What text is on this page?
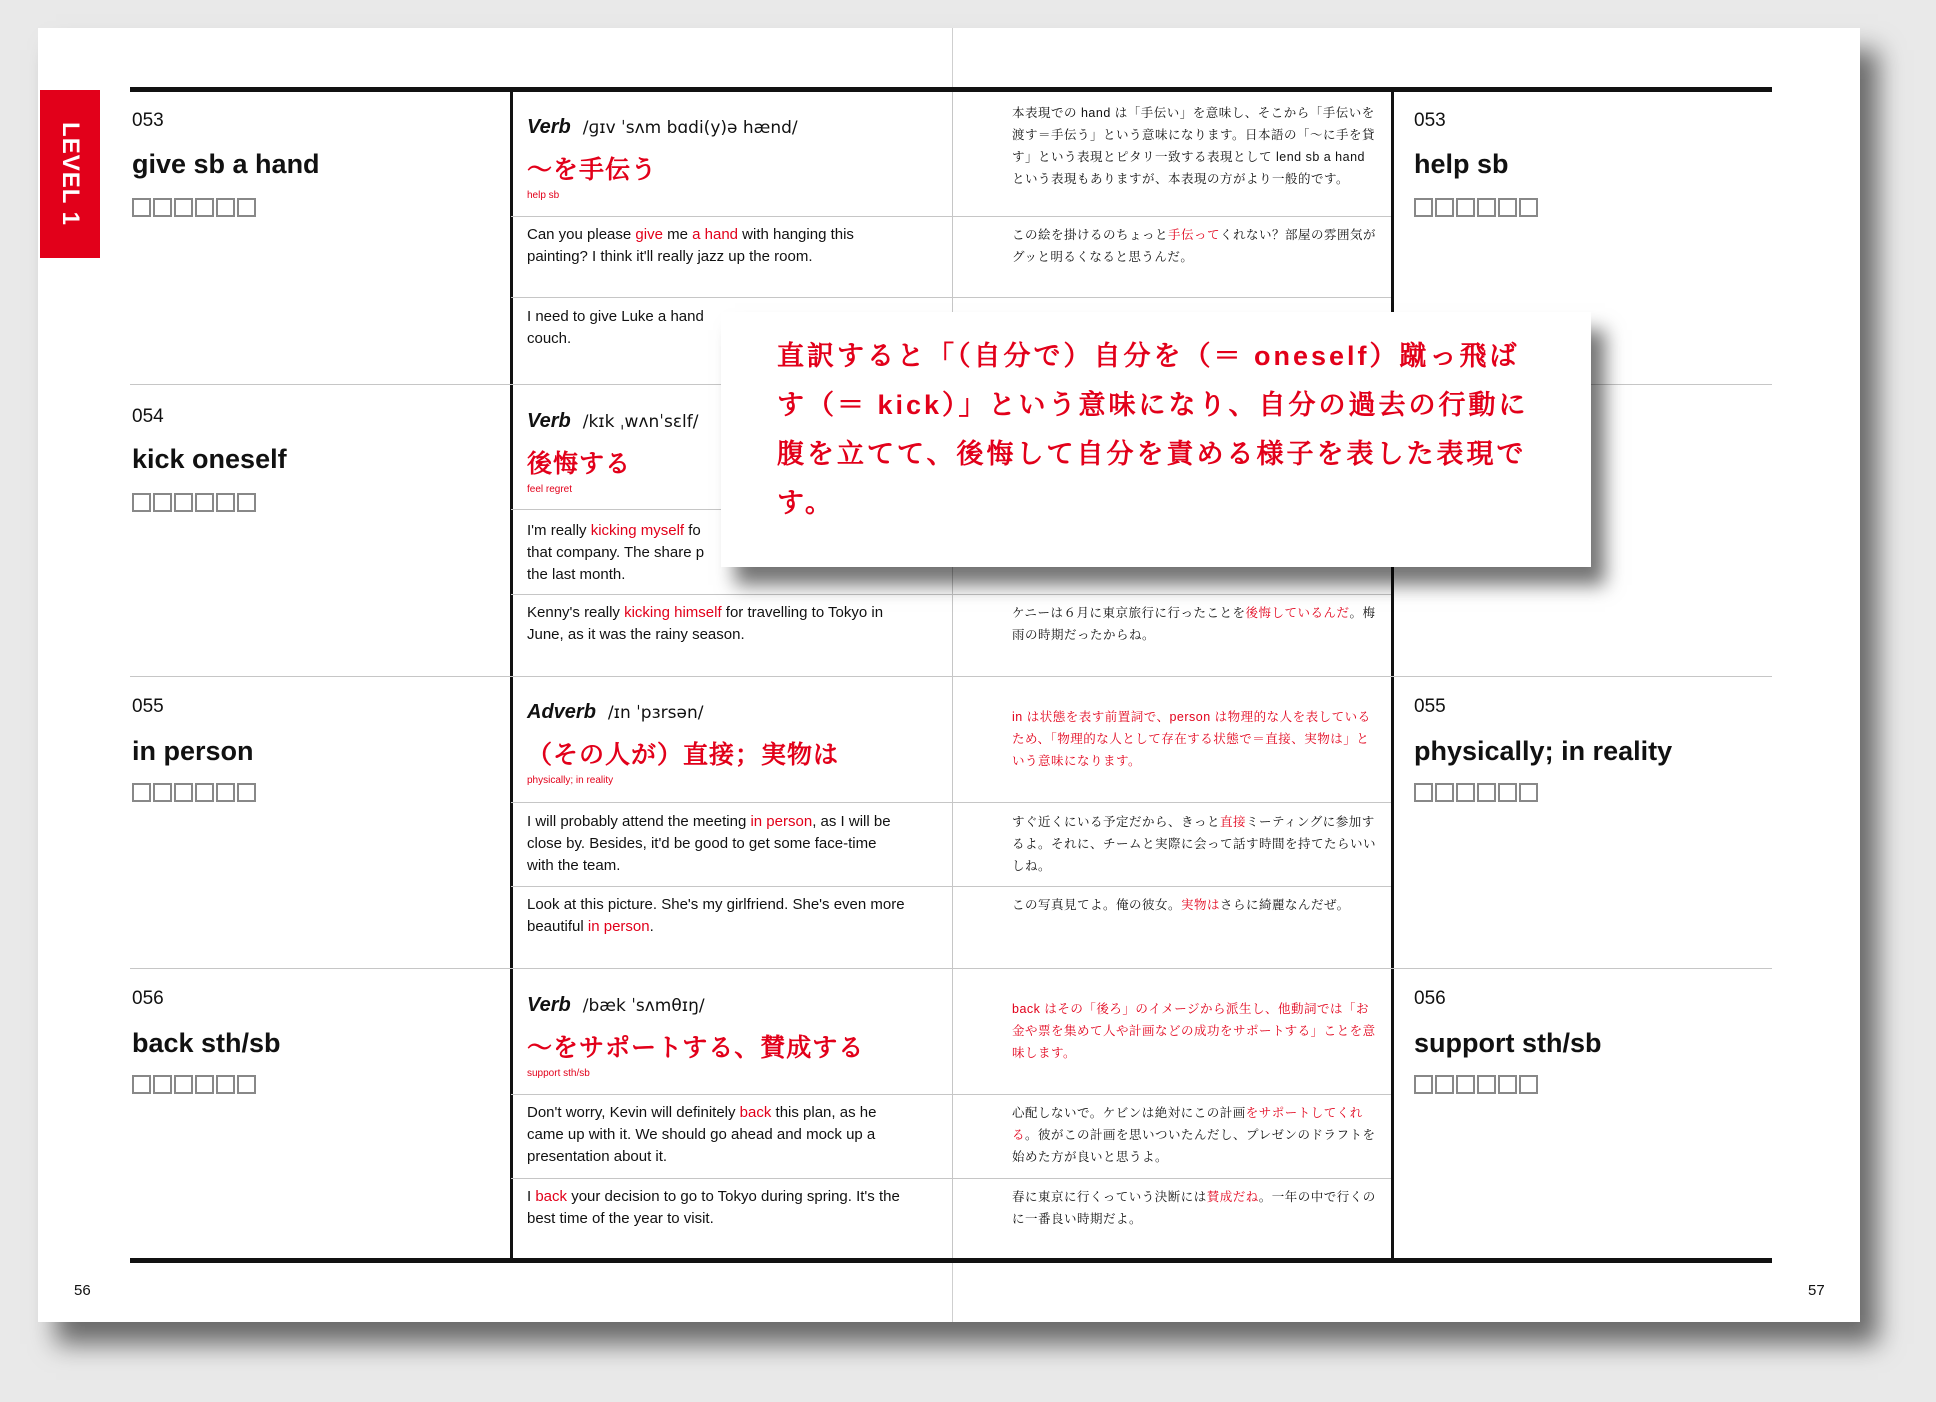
LEVEL 1
053
give sb a hand
Verb /ɡɪv ˈsʌm bɑdi(y)ə hænd/
〜を手伝う
help sb
本表現での hand は「手伝い」を意味し、そこから「手伝いを渡す＝手伝う」という意味になります。日本語の「〜に手を貸す」という表現とピタリ一致する表現として lend sb a hand という表現もありますが、本表現の方がより一般的です。
Can you please give me a hand with hanging this painting? I think it'll really jazz up the room.
この絵を掛けるのちょっと手伝ってくれない？部屋の雰囲気がグッと明るくなると思うんだ。
I need to give Luke a hand
couch.
053
help sb
054
kick oneself
Verb /kɪk ˌwʌnˈsɛlf/
後悔する
feel regret
I'm really kicking myself fo
that company. The share p
the last month.
Kenny's really kicking himself for travelling to Tokyo in June, as it was the rainy season.
ケニーは６月に東京旅行に行ったことを後悔しているんだ。梅雨の時期だったからね。
055
in person
Adverb /ɪn ˈpɜrsən/
（その人が）直接；実物は
physically; in reality
in は状態を表す前置詞で、person は物理的な人を表しているため、「物理的な人として存在する状態で＝直接、実物は」という意味になります。
I will probably attend the meeting in person, as I will be close by. Besides, it'd be good to get some face-time with the team.
すぐ近くにいる予定だから、きっと直接ミーティングに参加するよ。それに、チームと実際に会って話す時間を持てたらいいしね。
Look at this picture. She's my girlfriend. She's even more beautiful in person.
この写真見てよ。俺の彼女。実物はさらに綺麗なんだぜ。
055
physically; in reality
056
back sth/sb
Verb /bæk ˈsʌmθɪŋ/
〜をサポートする、賛成する
support sth/sb
back はその「後ろ」のイメージから派生し、他動詞では「お金や票を集めて人や計画などの成功をサポートする」ことを意味します。
Don't worry, Kevin will definitely back this plan, as he came up with it. We should go ahead and mock up a presentation about it.
心配しないで。ケビンは絶対にこの計画をサポートしてくれる。彼がこの計画を思いついたんだし、プレゼンのドラフトを始めた方が良いと思うよ。
I back your decision to go to Tokyo during spring. It's the best time of the year to visit.
春に東京に行くっていう決断には賛成だね。一年の中で行くのに一番良い時期だよ。
056
support sth/sb

直訳すると「（自分で）自分を（＝ oneself）蹴っ飛ばす（＝ kick）」という意味になり、自分の過去の行動に腹を立てて、後悔して自分を責める様子を表した表現です。

56	57
